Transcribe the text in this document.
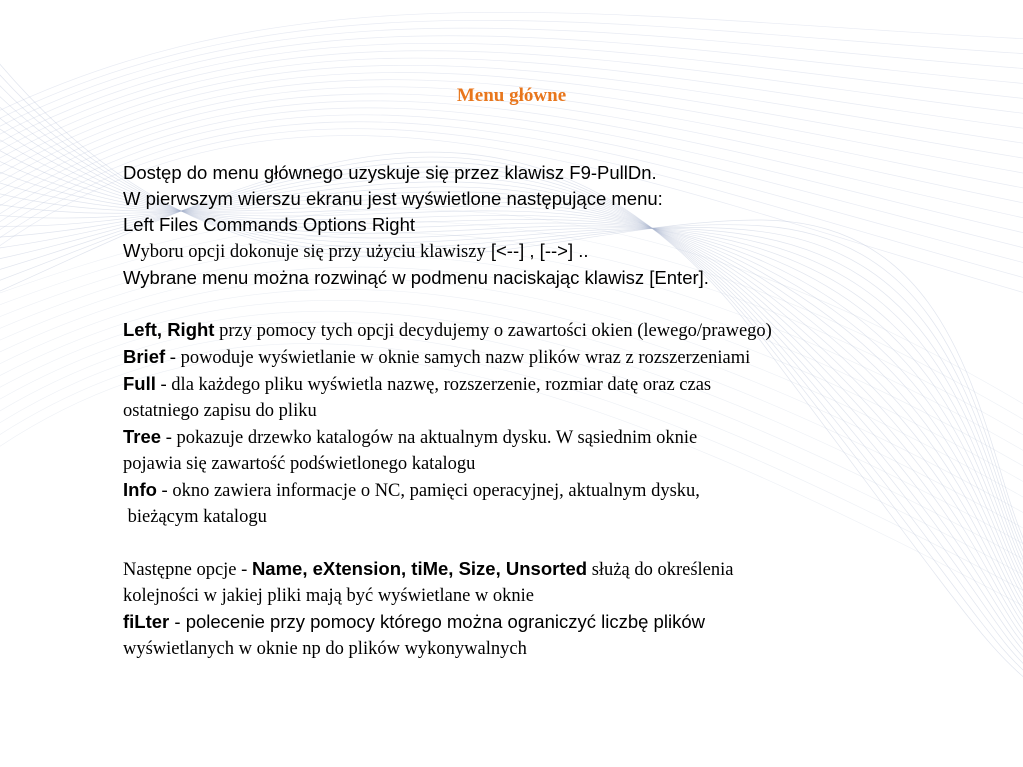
Menu główne
Dostęp do menu głównego uzyskuje się przez klawisz F9-PullDn.
W pierwszym wierszu ekranu jest wyświetlone następujące menu:
Left Files Commands Options Right
Wyboru opcji dokonuje się przy użyciu klawiszy [<--] , [-->] ..
Wybrane menu można rozwinąć w podmenu naciskając klawisz [Enter].
Left, Right przy pomocy tych opcji decydujemy o zawartości okien (lewego/prawego)
Brief - powoduje wyświetlanie w oknie samych nazw plików wraz z rozszerzeniami
Full - dla każdego pliku wyświetla nazwę, rozszerzenie, rozmiar datę oraz czas
ostatniego zapisu do pliku
Tree - pokazuje drzewko katalogów na aktualnym dysku. W sąsiednim oknie
pojawia się zawartość podświetlonego katalogu
Info - okno zawiera informacje o NC, pamięci operacyjnej, aktualnym dysku,
bieżącym katalogu
Następne opcje - Name, eXtension, tiMe, Size, Unsorted służą do określenia
kolejności w jakiej pliki mają być wyświetlane w oknie
fiLter - polecenie przy pomocy którego można ograniczyć liczbę plików
wyświetlanych w oknie np do plików wykonywalnych
